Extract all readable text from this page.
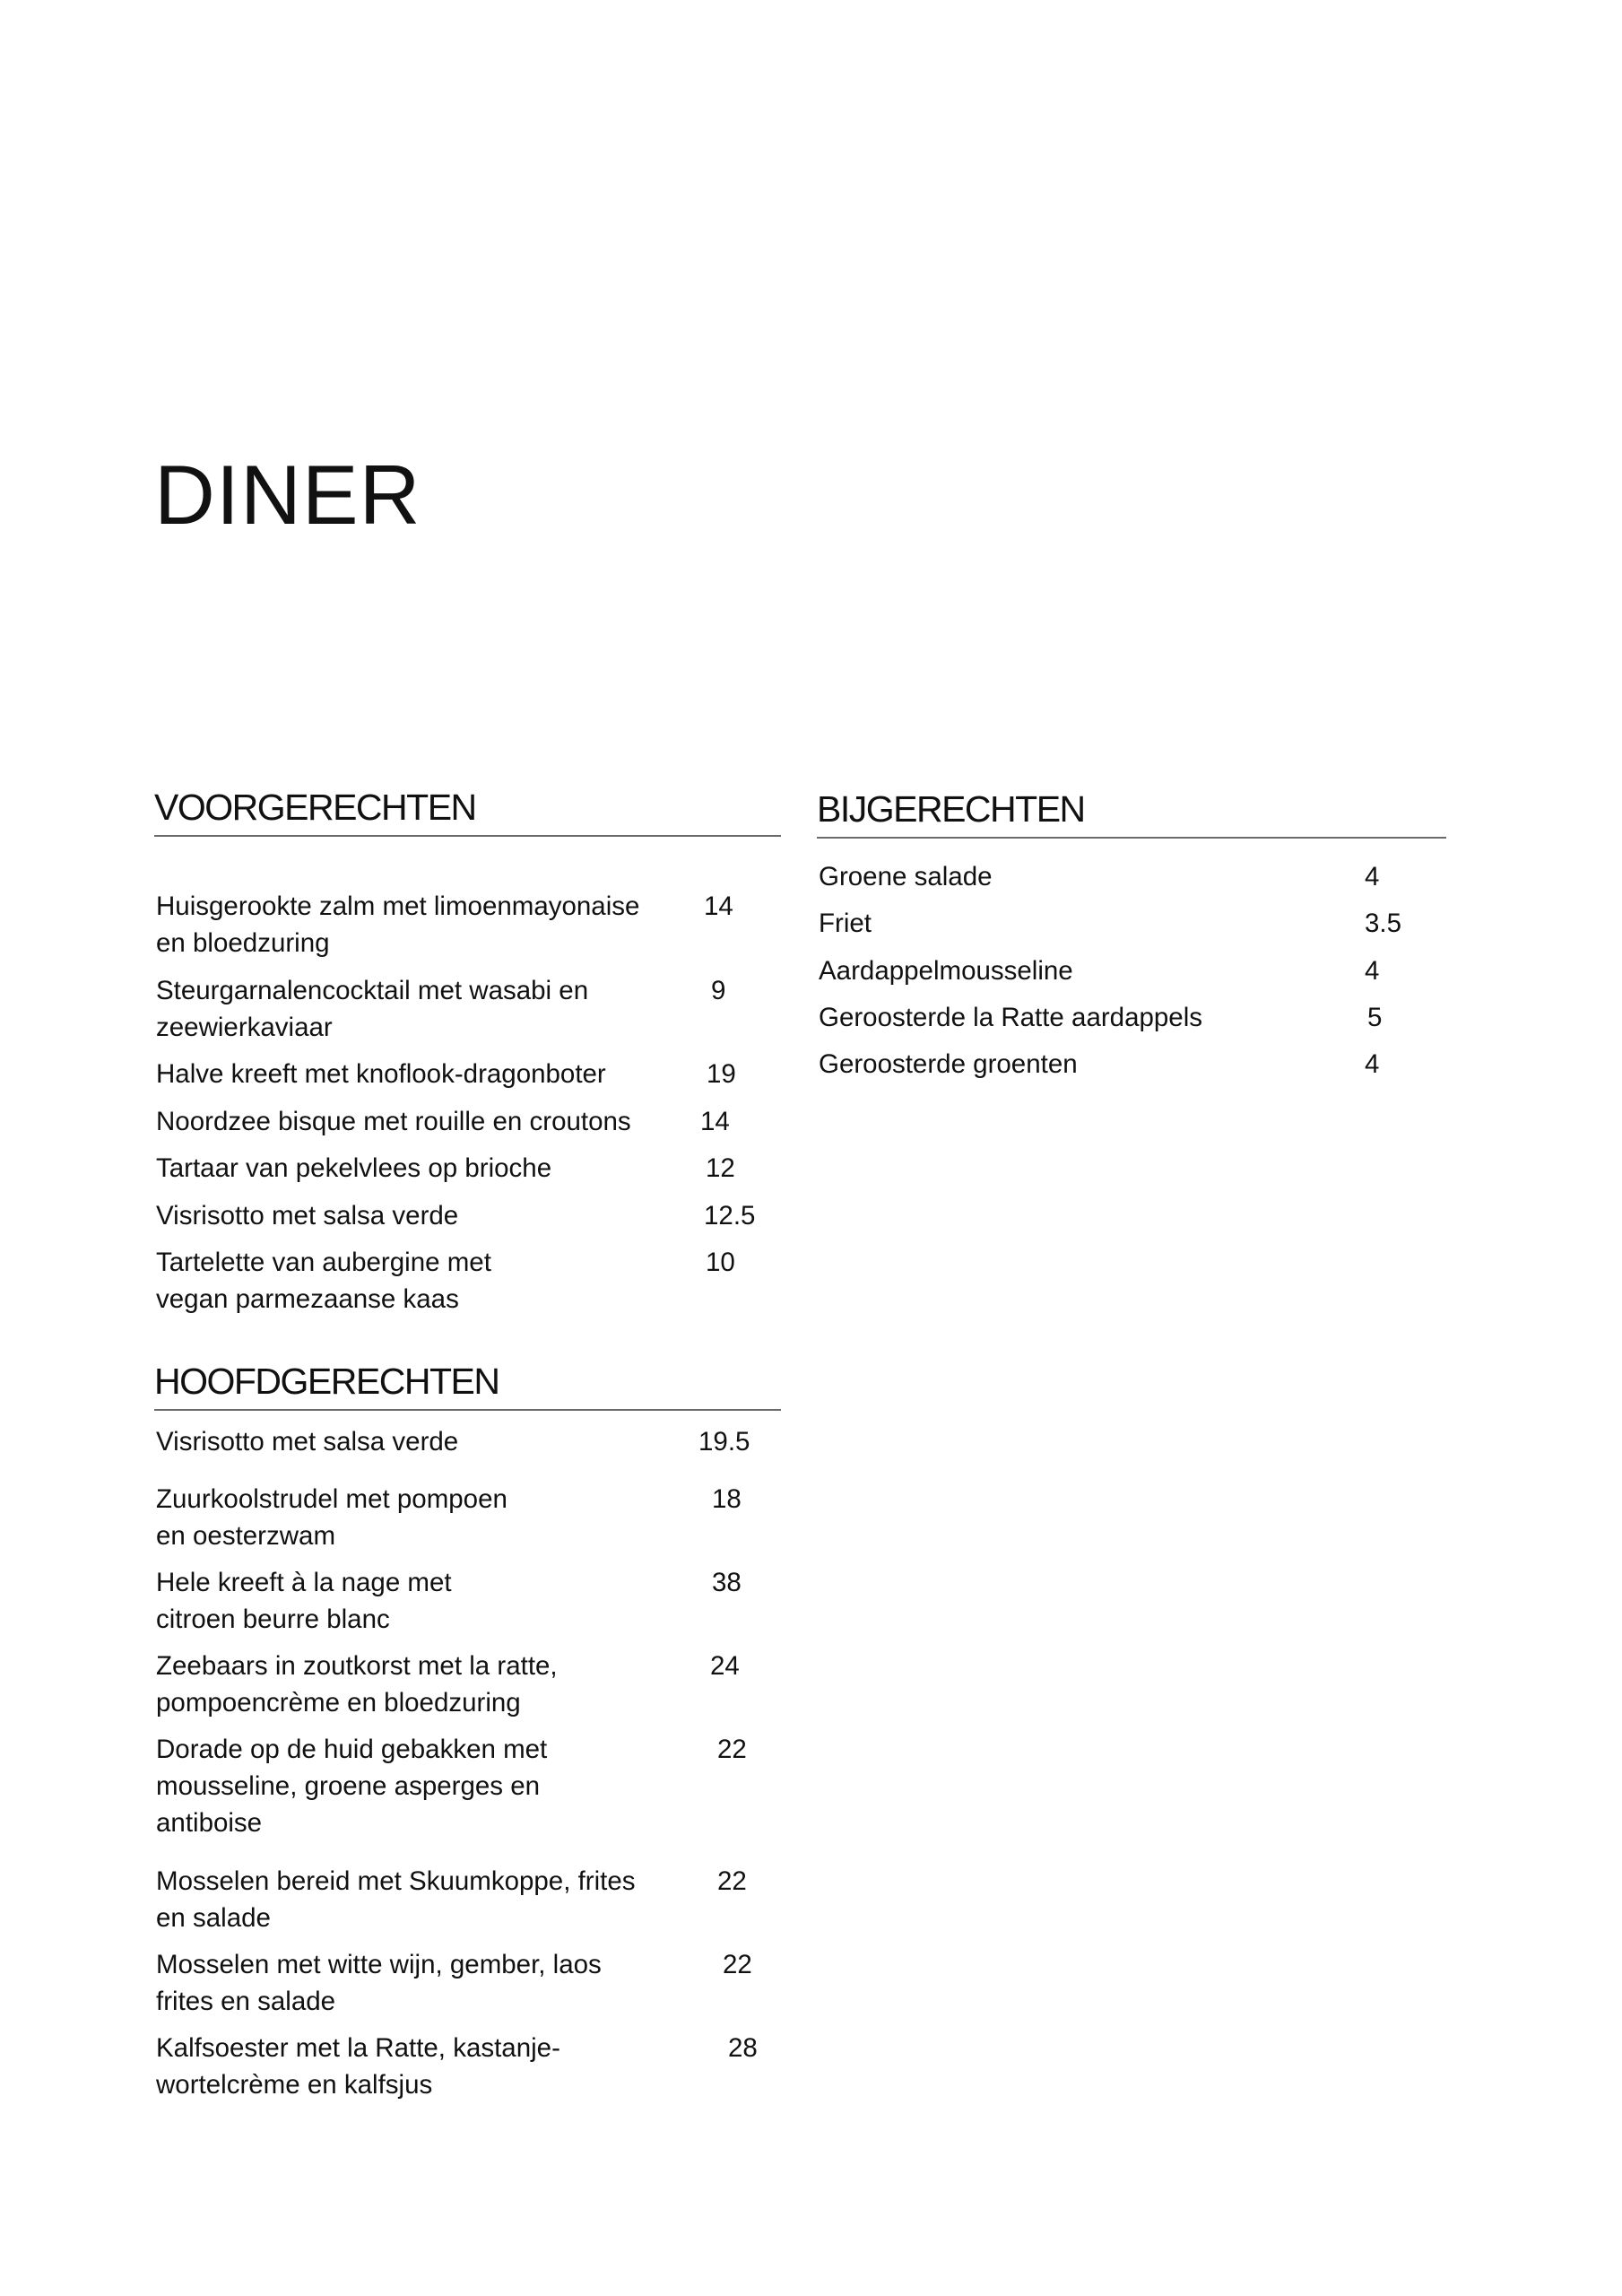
DINER
VOORGERECHTEN
Huisgerookte zalm met limoenmayonaise
en bloedzuring
14
Steurgarnalencocktail met wasabi en
zeewierkaviaar
9
Halve kreeft met knoflook-dragonboter	19
Noordzee bisque met rouille en croutons	14
Tartaar van pekelvlees op brioche	12
Visrisotto met salsa verde	12.5
Tartelette van aubergine met
vegan parmezaanse kaas
10
HOOFDGERECHTEN
Visrisotto met salsa verde	19.5
Zuurkoolstrudel met pompoen
en oesterzwam
18
Hele kreeft à la nage met
citroen beurre blanc
38
Zeebaars in zoutkorst met la ratte,
pompoencrème en bloedzuring
24
Dorade op de huid gebakken met
mousseline, groene asperges en
antiboise
22
Mosselen bereid met Skuumkoppe, frites
en salade
22
Mosselen met witte wijn, gember, laos
frites en salade
22
Kalfsoester met la Ratte, kastanje-
wortelcrème en kalfsjus
28
BIJGERECHTEN
Groene salade	4
Friet	3.5
Aardappelmousseline	4
Geroosterde la Ratte aardappels	5
Geroosterde groenten	4
